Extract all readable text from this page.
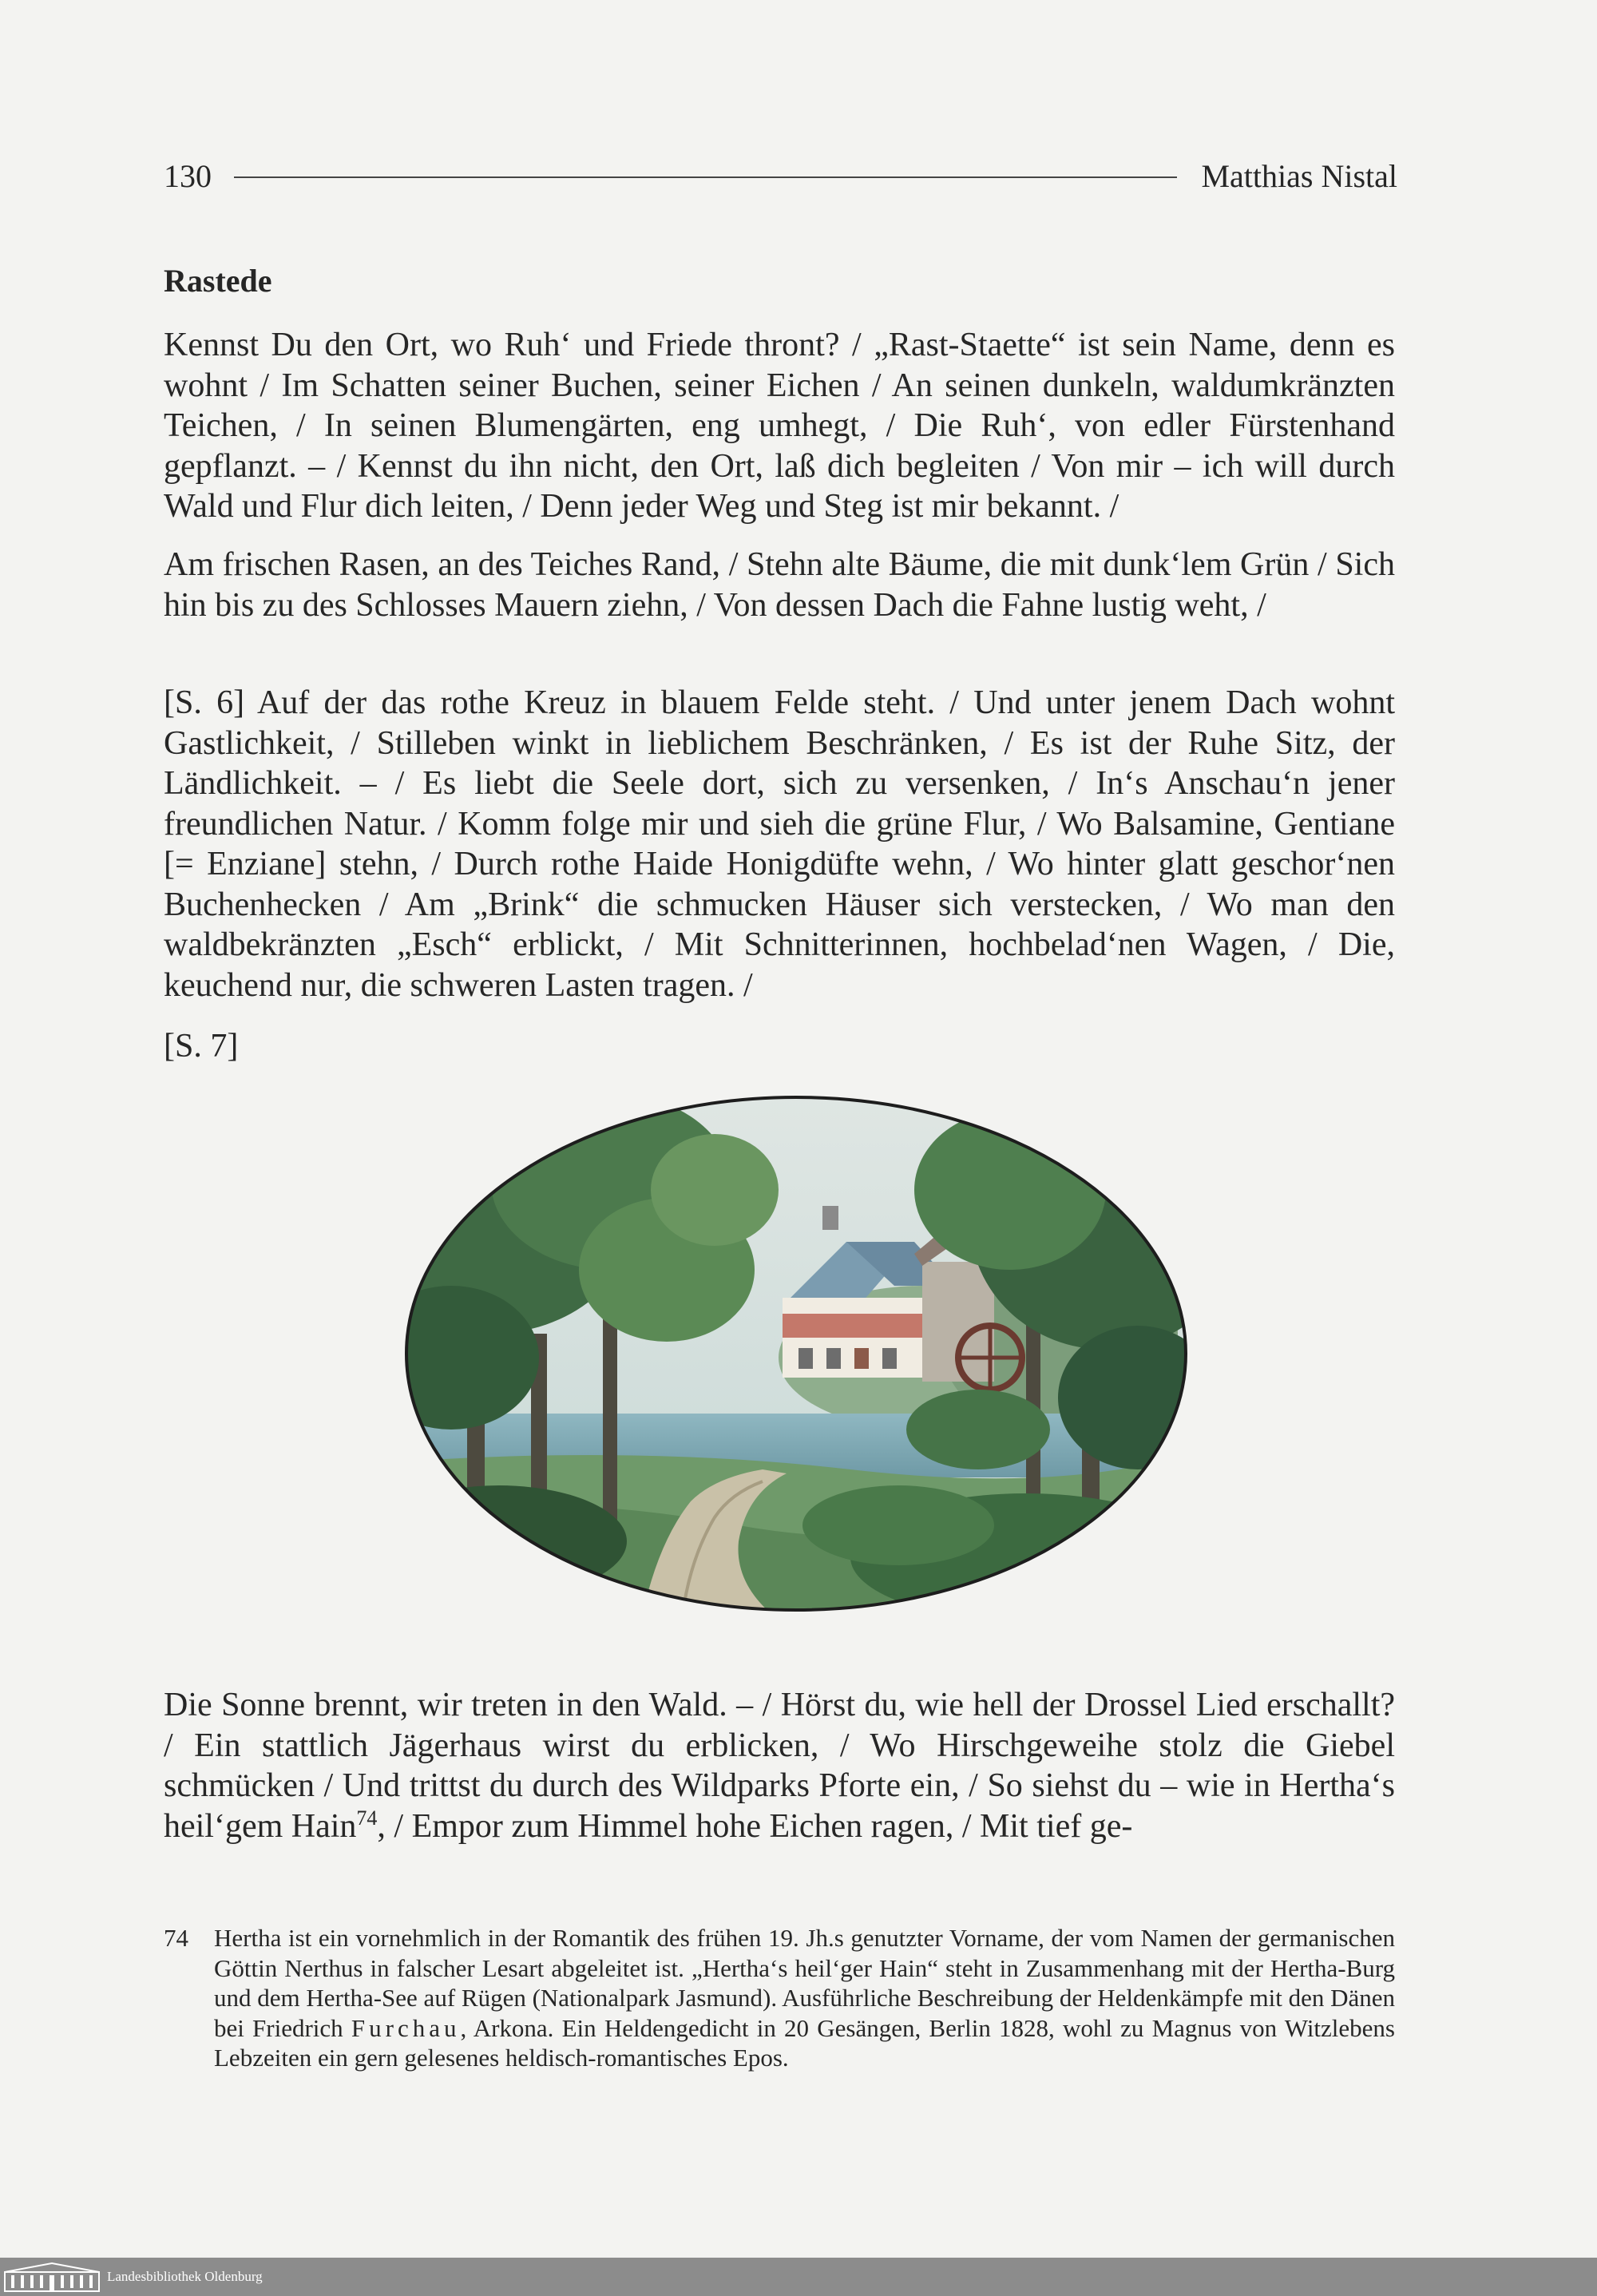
130	Matthias Nistal
Rastede

Kennst Du den Ort, wo Ruh‘ und Friede thront? / „Rast-Staette“ ist sein Name, denn es wohnt / Im Schatten seiner Buchen, seiner Eichen / An seinen dunkeln, waldumkränzten Teichen, / In seinen Blumengärten, eng umhegt, / Die Ruh‘, von edler Fürstenhand gepflanzt. – / Kennst du ihn nicht, den Ort, laß dich begleiten / Von mir – ich will durch Wald und Flur dich leiten, / Denn jeder Weg und Steg ist mir bekannt. /

Am frischen Rasen, an des Teiches Rand, / Stehn alte Bäume, die mit dunk‘lem Grün / Sich hin bis zu des Schlosses Mauern ziehn, / Von dessen Dach die Fahne lustig weht, /

[S. 6] Auf der das rothe Kreuz in blauem Felde steht. / Und unter jenem Dach wohnt Gastlichkeit, / Stilleben winkt in lieblichem Beschränken, / Es ist der Ruhe Sitz, der Ländlichkeit. – / Es liebt die Seele dort, sich zu versenken, / In‘s Anschau‘n jener freundlichen Natur. / Komm folge mir und sieh die grüne Flur, / Wo Balsamine, Gentiane [= Enziane] stehn, / Durch rothe Haide Honigdüfte wehn, / Wo hinter glatt geschor‘nen Buchenhecken / Am „Brink“ die schmucken Häuser sich verstecken, / Wo man den waldbekränzten „Esch“ erblickt, / Mit Schnitterinnen, hochbelad‘nen Wagen, / Die, keuchend nur, die schweren Lasten tragen. /

[S. 7]

Die Sonne brennt, wir treten in den Wald. – / Hörst du, wie hell der Drossel Lied erschallt? / Ein stattlich Jägerhaus wirst du erblicken, / Wo Hirschgeweihe stolz die Giebel schmücken / Und trittst du durch des Wildparks Pforte ein, / So siehst du – wie in Hertha‘s heil‘gem Hain$^{74}$, / Empor zum Himmel hohe Eichen ragen, / Mit tief ge-

74	Hertha ist ein vornehmlich in der Romantik des frühen 19. Jh.s genutzter Vorname, der vom Namen der germanischen Göttin Nerthus in falscher Lesart abgeleitet ist. „Hertha‘s heil‘ger Hain“ steht in Zusammenhang mit der Hertha-Burg und dem Hertha-See auf Rügen (Nationalpark Jasmund). Ausführliche Beschreibung der Heldenkämpfe mit den Dänen bei Friedrich Furchau, Arkona. Ein Heldengedicht in 20 Gesängen, Berlin 1828, wohl zu Magnus von Witzlebens Lebzeiten ein gern gelesenes heldisch-romantisches Epos.
Landesbibliothek Oldenburg
